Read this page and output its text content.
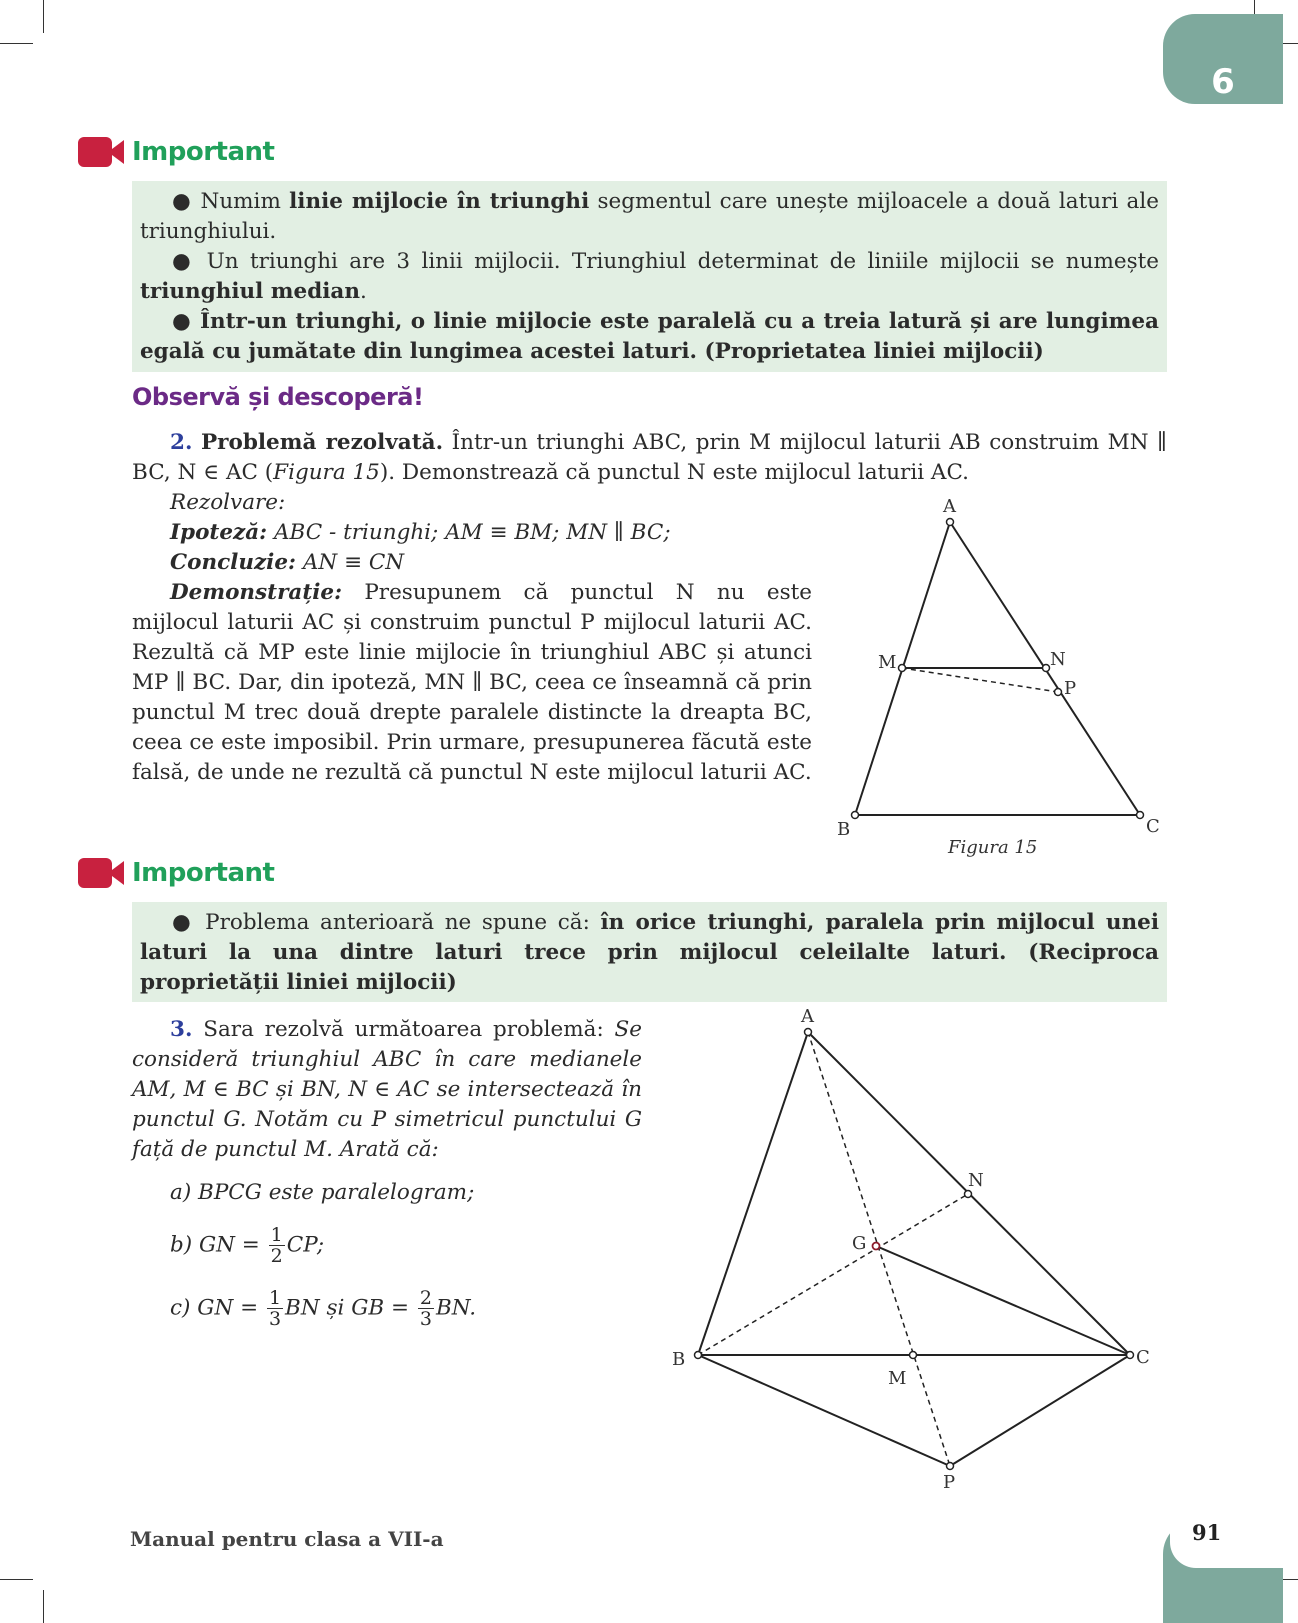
6
Important

● Numim linie mijlocie în triunghi segmentul care unește mijloacele a două laturi ale triunghiului.

● Un triunghi are 3 linii mijlocii. Triunghiul determinat de liniile mijlocii se numește triunghiul median.

● Într-un triunghi, o linie mijlocie este paralelă cu a treia latură și are lungimea egală cu jumătate din lungimea acestei laturi. (Proprietatea liniei mijlocii)

Observă și descoperă!

2. Problemă rezolvată. Într-un triunghi ABC, prin M mijlocul laturii AB construim MN ∥ BC, N ∈ AC (Figura 15). Demonstrează că punctul N este mijlocul laturii AC.

Rezolvare:

Ipoteză: ABC - triunghi; AM ≡ BM; MN ∥ BC;

Concluzie: AN ≡ CN

Demonstrație: Presupunem că punctul N nu este mijlocul laturii AC și construim punctul P mijlocul laturii AC. Rezultă că MP este linie mijlocie în triunghiul ABC și atunci MP ∥ BC. Dar, din ipoteză, MN ∥ BC, ceea ce înseamnă că prin punctul M trec două drepte paralele distincte la dreapta BC, ceea ce este imposibil. Prin urmare, presupunerea făcută este falsă, de unde ne rezultă că punctul N este mijlocul laturii AC.

A
B	C
M	N
P
Figura 15
Important

● Problema anterioară ne spune că: în orice triunghi, paralela prin mijlocul unei laturi la una dintre laturi trece prin mijlocul celeilalte laturi. (Reciproca proprietății liniei mijlocii)

3. Sara rezolvă următoarea problemă: Se consideră triunghiul ABC în care medianele AM, M ∈ BC și BN, N ∈ AC se intersectează în punctul G. Notăm cu P simetricul punctului G față de punctul M. Arată că:

a) BPCG este paralelogram;
b) GN = $\frac{1}{2}$ CP;
c) GN = $\frac{1}{3}$ BN și GB = $\frac{2}{3}$ BN.
A
B	C
M
N
G
P
Manual pentru clasa a VII-a	91
